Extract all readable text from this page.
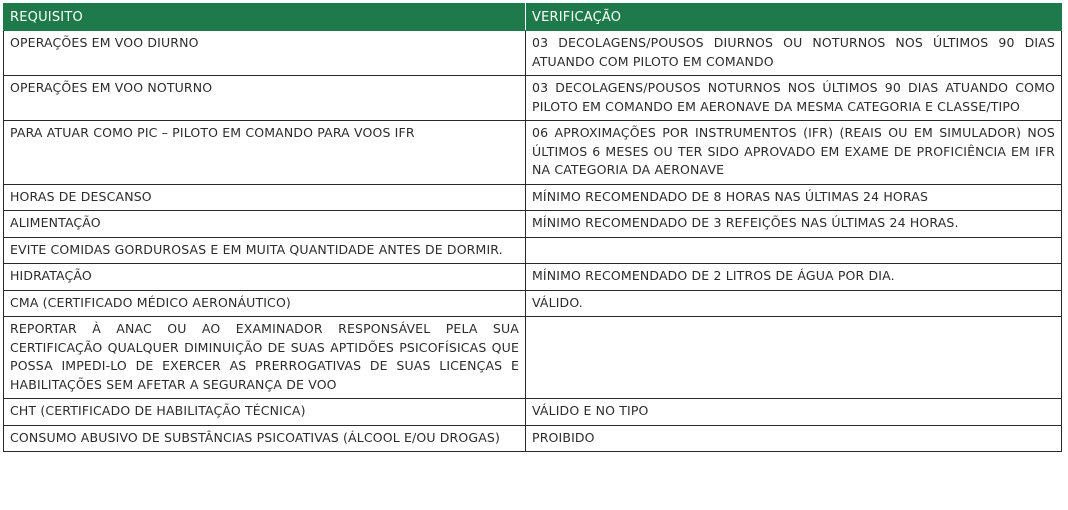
REQUISITO	VERIFICAÇÃO
OPERAÇÕES EM VOO DIURNO	03 DECOLAGENS/POUSOS DIURNOS OU NOTURNOS NOS ÚLTIMOS 90 DIAS ATUANDO COM PILOTO EM COMANDO
OPERAÇÕES EM VOO NOTURNO	03 DECOLAGENS/POUSOS NOTURNOS NOS ÚLTIMOS 90 DIAS ATUANDO COMO PILOTO EM COMANDO EM AERONAVE DA MESMA CATEGORIA E CLASSE/TIPO
PARA ATUAR COMO PIC – PILOTO EM COMANDO PARA VOOS IFR	06 APROXIMAÇÕES POR INSTRUMENTOS (IFR) (REAIS OU EM SIMULADOR) NOS ÚLTIMOS 6 MESES OU TER SIDO APROVADO EM EXAME DE PROFICIÊNCIA EM IFR NA CATEGORIA DA AERONAVE
HORAS DE DESCANSO	MÍNIMO RECOMENDADO DE 8 HORAS NAS ÚLTIMAS 24 HORAS
ALIMENTAÇÃO	MÍNIMO RECOMENDADO DE 3 REFEIÇÕES NAS ÚLTIMAS 24 HORAS.
EVITE COMIDAS GORDUROSAS E EM MUITA QUANTIDADE ANTES DE DORMIR.	
HIDRATAÇÃO	MÍNIMO RECOMENDADO DE 2 LITROS DE ÁGUA POR DIA.
CMA (CERTIFICADO MÉDICO AERONÁUTICO)	VÁLIDO.
REPORTAR À ANAC OU AO EXAMINADOR RESPONSÁVEL PELA SUA CERTIFICAÇÃO QUALQUER DIMINUIÇÃO DE SUAS APTIDÕES PSICOFÍSICAS QUE POSSA IMPEDI-LO DE EXERCER AS PRERROGATIVAS DE SUAS LICENÇAS E HABILITAÇÕES SEM AFETAR A SEGURANÇA DE VOO	
CHT (CERTIFICADO DE HABILITAÇÃO TÉCNICA)	VÁLIDO E NO TIPO
CONSUMO ABUSIVO DE SUBSTÂNCIAS PSICOATIVAS (ÁLCOOL E/OU DROGAS)	PROIBIDO
